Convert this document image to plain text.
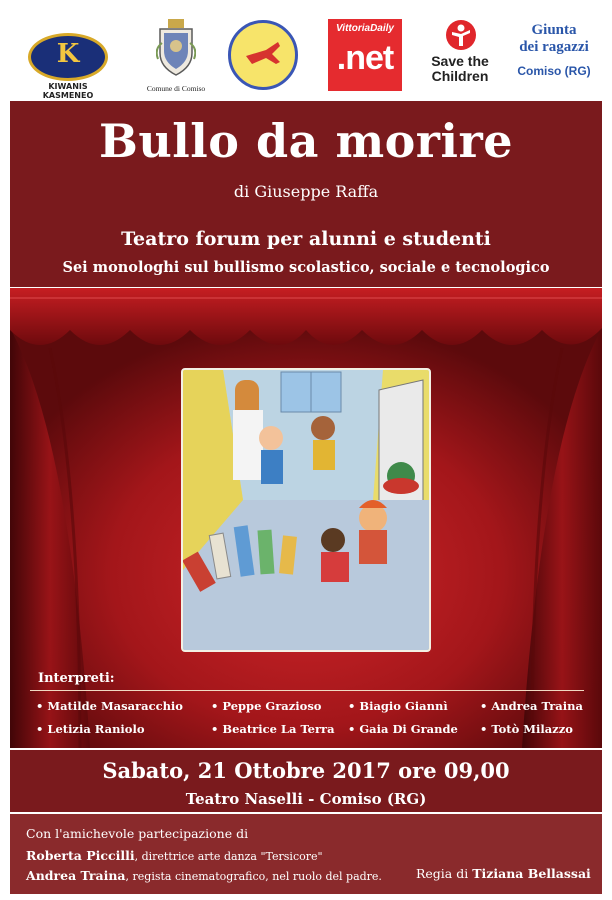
K
KIWANIS KASMENEO
Comune di Comiso
VittoriaDaily
.net	Save the
Children
Giunta
dei ragazzi
Comiso (RG)
Bullo da morire
di Giuseppe Raffa
Teatro forum per alunni e studenti
Sei monologhi sul bullismo scolastico, sociale e tecnologico
Interpreti:
• Matilde Masaracchio • Peppe Grazioso • Biagio Giannì	• Andrea Traina
• Letizia Raniolo	• Beatrice La Terra • Gaia Di Grande • Totò Milazzo
Sabato, 21 Ottobre 2017 ore 09,00
Teatro Naselli - Comiso (RG)
Con l'amichevole partecipazione di
Roberta Piccilli, direttrice arte danza "Tersicore"
Andrea Traina, regista cinematografico, nel ruolo del padre.	Regia di Tiziana Bellassai
